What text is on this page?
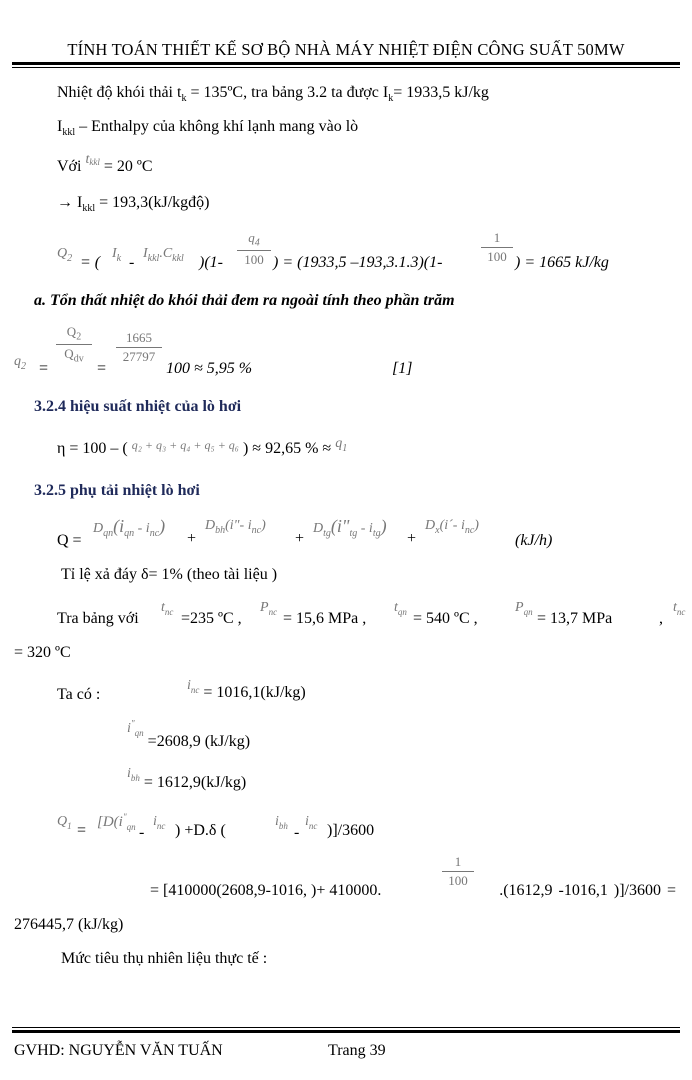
TÍNH TOÁN THIẾT KẾ SƠ BỘ NHÀ MÁY NHIỆT ĐIỆN CÔNG SUẤT 50MW
Nhiệt độ khói thải $t_k$ = 135ºC, tra bảng 3.2 ta được $I_k= 1933,5$ kJ/kg
$I_{kkl}$ – Enthalpy của không khí lạnh mang vào lò
Với $t^{kkl} = 20$ ºC
→ $I_{kkl}$ = 193,3(kJ/kgđộ)
$Q_2$ = (
$I_k$ -
$I_{kkl}.C_{kkl}$ )(1-
$q_4$
100 ) = (1933,5 –193,3.1.3)(1-
1
100 ) = 1665 kJ/kg
a. Tổn thất nhiệt do khói thải đem ra ngoài tính theo phần trăm
$q_2$ =
$Q_2$
$Q_{dv}$
=
1665
27797
100 ≈ 5,95 %	[1]
3.2.4 hiệu suất nhiệt của lò hơi
η = 100 – ( $^{q_2 + q_3 + q_4 + q_5 + q_6}$ ) ≈ 92,65 % ≈ $q_1$
3.2.5 phụ tải nhiệt lò hơi
Q =
$D_{qn}(i_{qn} - i_{nc})$
+
$D_{bh}(i"-$ $i_{nc}$)
+
$D_{tg}(i"_{tg} - i_{tg})$
+
$D_x(i´-$ $i_{nc}$)
(kJ/h)
Tỉ lệ xả đáy δ= 1% (theo tài liệu )
Tra bảng với
$t_{nc} =235$ ºC ,
$P_{nc} = 15,6$ MPa ,
$t_{qn} = 540$ ºC ,
$P_{qn} = 13,7$ MPa	,
$t_{nc}$
= 320 ºC
Ta có :
$i_{nc} = 1016,1(kJ/kg)$
$i^"_{qn} =2608,9$ (kJ/kg)
$i_{bh} = 1612,9(kJ/kg)$
$Q_1 = [D(i^"_{qn}$ -
$i_{nc}$ ) +D.δ (
$i_{bh}$ -
$i_{nc}$ )]/3600
= [410000(2608,9-1016, )+ 410000.
1
100
.(1612,9 -1016,1 )]/3600 =
276445,7 (kJ/kg)
Mức tiêu thụ nhiên liệu thực tế :
GVHD: NGUYỄN VĂN TUẤN	Trang 39
